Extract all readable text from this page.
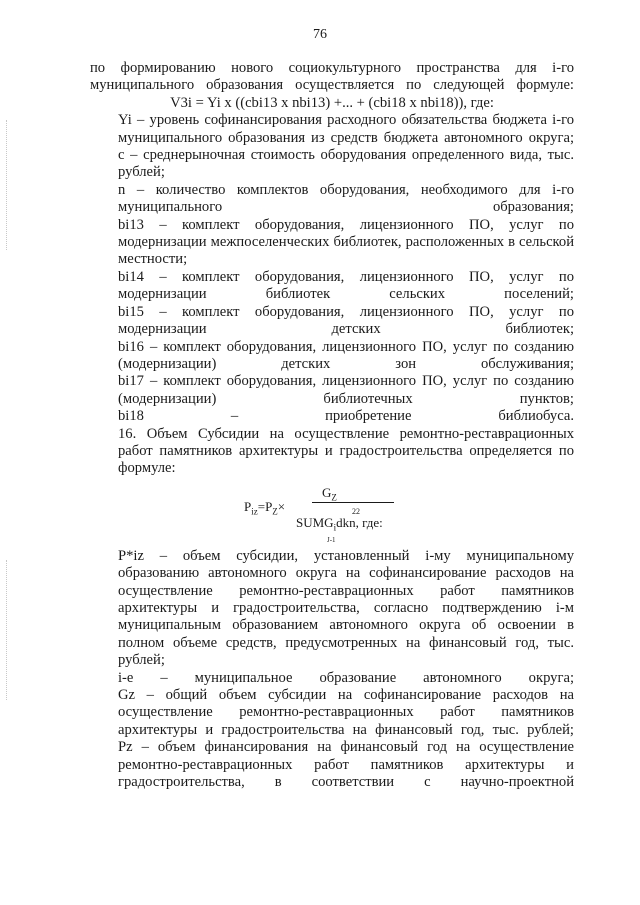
76
по формированию нового социокультурного пространства для i-го муниципального образования осуществляется по следующей формуле:
V3i = Yi x ((cbi13 x nbi13) +... + (cbi18 x nbi18)), где:
Yi – уровень софинансирования расходного обязательства бюджета i-го муниципального образования из средств бюджета автономного округа;
с – среднерыночная стоимость оборудования определенного вида, тыс. рублей;
n – количество комплектов оборудования, необходимого для i-го муниципального образования;
bi13 – комплект оборудования, лицензионного ПО, услуг по модернизации межпоселенческих библиотек, расположенных в сельской местности;
bi14 – комплект оборудования, лицензионного ПО, услуг по модернизации библиотек сельских поселений;
bi15 – комплект оборудования, лицензионного ПО, услуг по модернизации детских библиотек;
bi16 – комплект оборудования, лицензионного ПО, услуг по созданию (модернизации) детских зон обслуживания;
bi17 – комплект оборудования, лицензионного ПО, услуг по созданию (модернизации) библиотечных пунктов;
bi18 – приобретение библиобуса.
16. Объем Субсидии на осуществление ремонтно-реставрационных работ памятников архитектуры и градостроительства определяется по формуле:
$P_{iz}=P_Z\times$
$G_Z$
22
$SUMG_idkn$, где:
J-1
P*iz – объем субсидии, установленный i-му муниципальному образованию автономного округа на софинансирование расходов на осуществление ремонтно-реставрационных работ памятников архитектуры и градостроительства, согласно подтверждению i-м муниципальным образованием автономного округа об освоении в полном объеме средств, предусмотренных на финансовый год, тыс. рублей;
i-e – муниципальное образование автономного округа;
Gz – общий объем субсидии на софинансирование расходов на осуществление ремонтно-реставрационных работ памятников архитектуры и градостроительства на финансовый год, тыс. рублей;
Pz – объем финансирования на финансовый год на осуществление ремонтно-реставрационных работ памятников архитектуры и градостроительства, в соответствии с научно-проектной
